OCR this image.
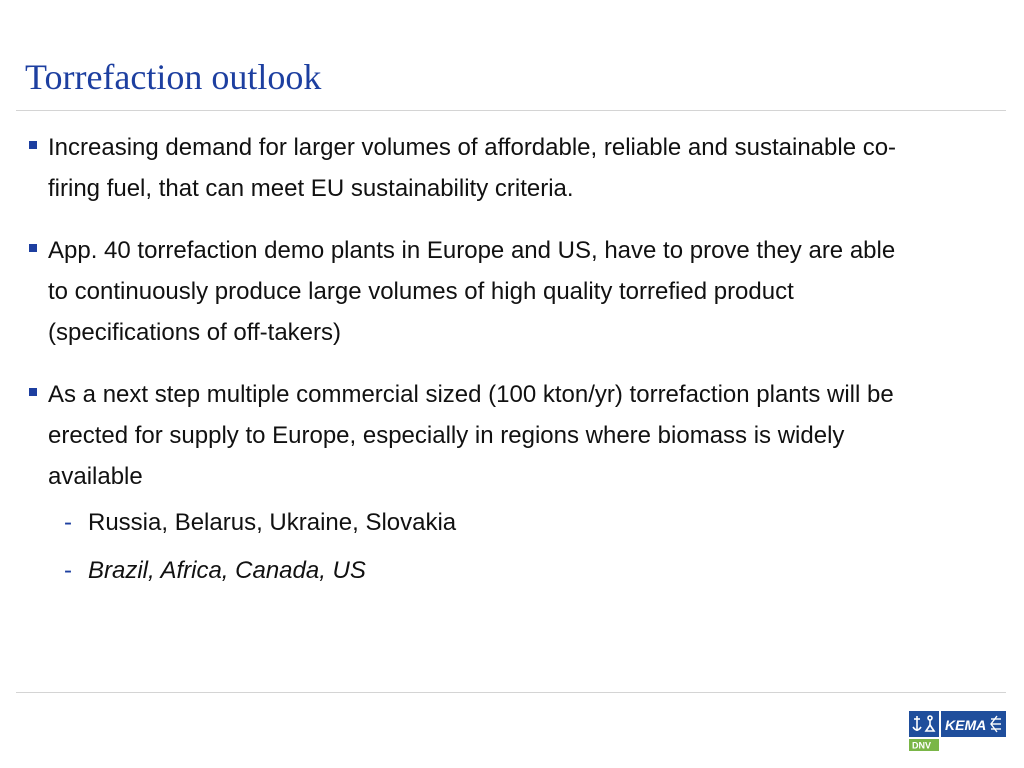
Torrefaction outlook
Increasing demand for larger volumes of affordable, reliable and sustainable co-firing fuel, that can meet EU sustainability criteria.
App. 40 torrefaction demo plants in Europe and US, have to prove they are able to continuously produce large volumes of high quality torrefied product (specifications of off-takers)
As a next step multiple commercial sized (100 kton/yr) torrefaction plants will be erected for supply to Europe, especially in regions where biomass is widely available
- Russia, Belarus, Ukraine, Slovakia
- Brazil, Africa, Canada, US
KEMA
DNV
